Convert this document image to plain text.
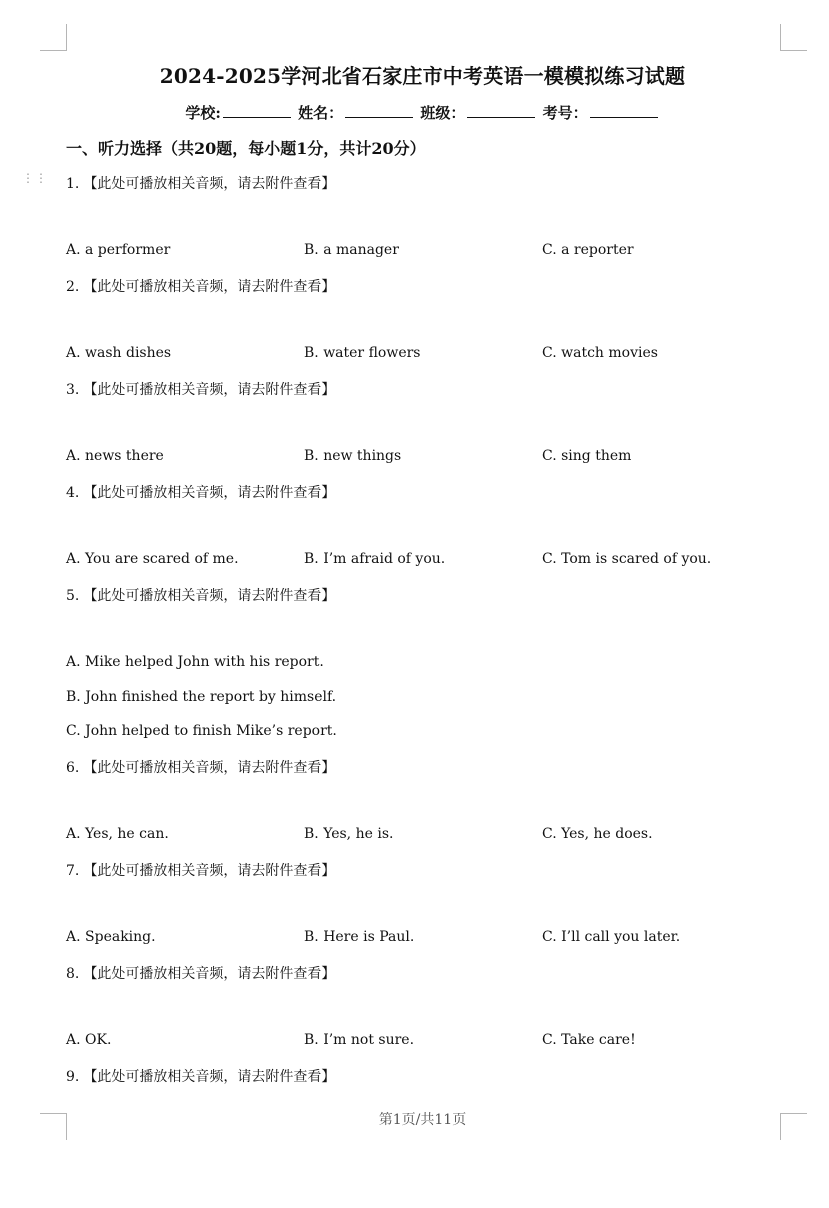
⋮⋮
2024-2025学河北省石家庄市中考英语一模模拟练习试题
学校:	姓名：	班级：	考号：
一、听力选择（共20题，每小题1分，共计20分）
1. 【此处可播放相关音频，请去附件查看】
A. a performer	B. a manager	C. a reporter
2. 【此处可播放相关音频，请去附件查看】
A. wash dishes	B. water flowers	C. watch movies
3. 【此处可播放相关音频，请去附件查看】
A. news there	B. new things	C. sing them
4. 【此处可播放相关音频，请去附件查看】
A. You are scared of me.	B. I’m afraid of you.	C. Tom is scared of you.
5. 【此处可播放相关音频，请去附件查看】
A. Mike helped John with his report.
B. John finished the report by himself.
C. John helped to finish Mike’s report.
6. 【此处可播放相关音频，请去附件查看】
A. Yes, he can.	B. Yes, he is.	C. Yes, he does.
7. 【此处可播放相关音频，请去附件查看】
A. Speaking.	B. Here is Paul.	C. I’ll call you later.
8. 【此处可播放相关音频，请去附件查看】
A. OK.	B. I’m not sure.	C. Take care!
9. 【此处可播放相关音频，请去附件查看】
第1页/共11页
